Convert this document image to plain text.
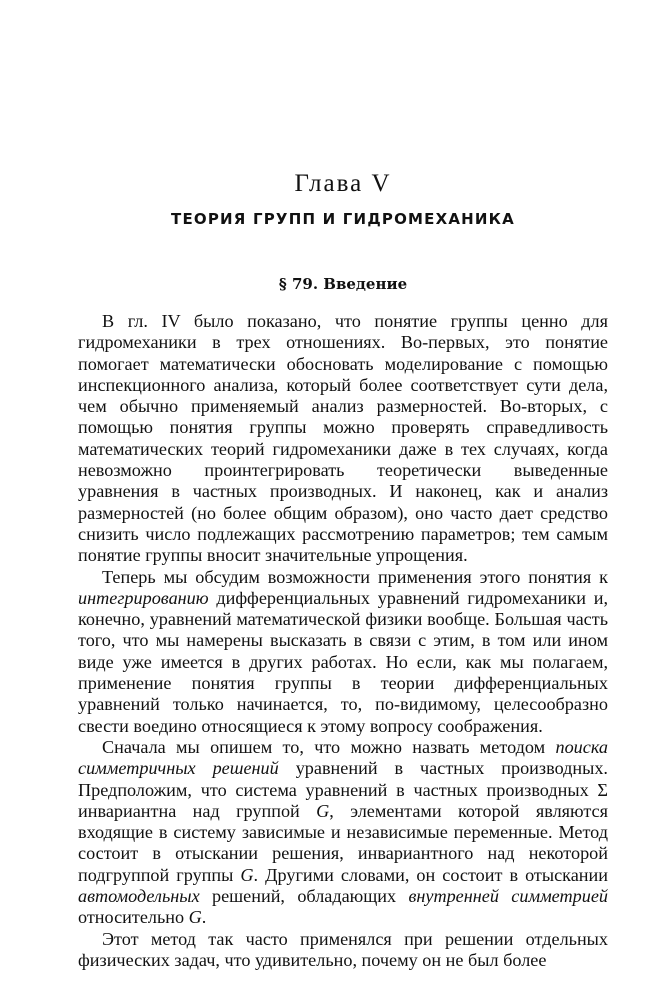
Глава V
ТЕОРИЯ ГРУПП И ГИДРОМЕХАНИКА
§ 79. Введение

В гл. IV было показано, что понятие группы ценно для гидромеханики в трех отношениях. Во-первых, это понятие помогает математически обосновать моделирование с помощью инспекционного анализа, который более соответствует сути дела, чем обычно применяемый анализ размерностей. Во-вторых, с помощью понятия группы можно проверять справедливость математических теорий гидромеханики даже в тех случаях, когда невозможно проинтегрировать теоретически выведенные уравнения в частных производных. И наконец, как и анализ размерностей (но более общим образом), оно часто дает средство снизить число подлежащих рассмотрению параметров; тем самым понятие группы вносит значительные упрощения.

Теперь мы обсудим возможности применения этого понятия к интегрированию дифференциальных уравнений гидромеханики и, конечно, уравнений математической физики вообще. Большая часть того, что мы намерены высказать в связи с этим, в том или ином виде уже имеется в других работах. Но если, как мы полагаем, применение понятия группы в теории дифференциальных уравнений только начинается, то, по-видимому, целесообразно свести воедино относящиеся к этому вопросу соображения.

Сначала мы опишем то, что можно назвать методом поиска симметричных решений уравнений в частных производных. Предположим, что система уравнений в частных производных Σ инвариантна над группой G, элементами которой являются входящие в систему зависимые и независимые переменные. Метод состоит в отыскании решения, инвариантного над некоторой подгруппой группы G. Другими словами, он состоит в отыскании автомодельных решений, обладающих внутренней симметрией относительно G.

Этот метод так часто применялся при решении отдельных физических задач, что удивительно, почему он не был более
